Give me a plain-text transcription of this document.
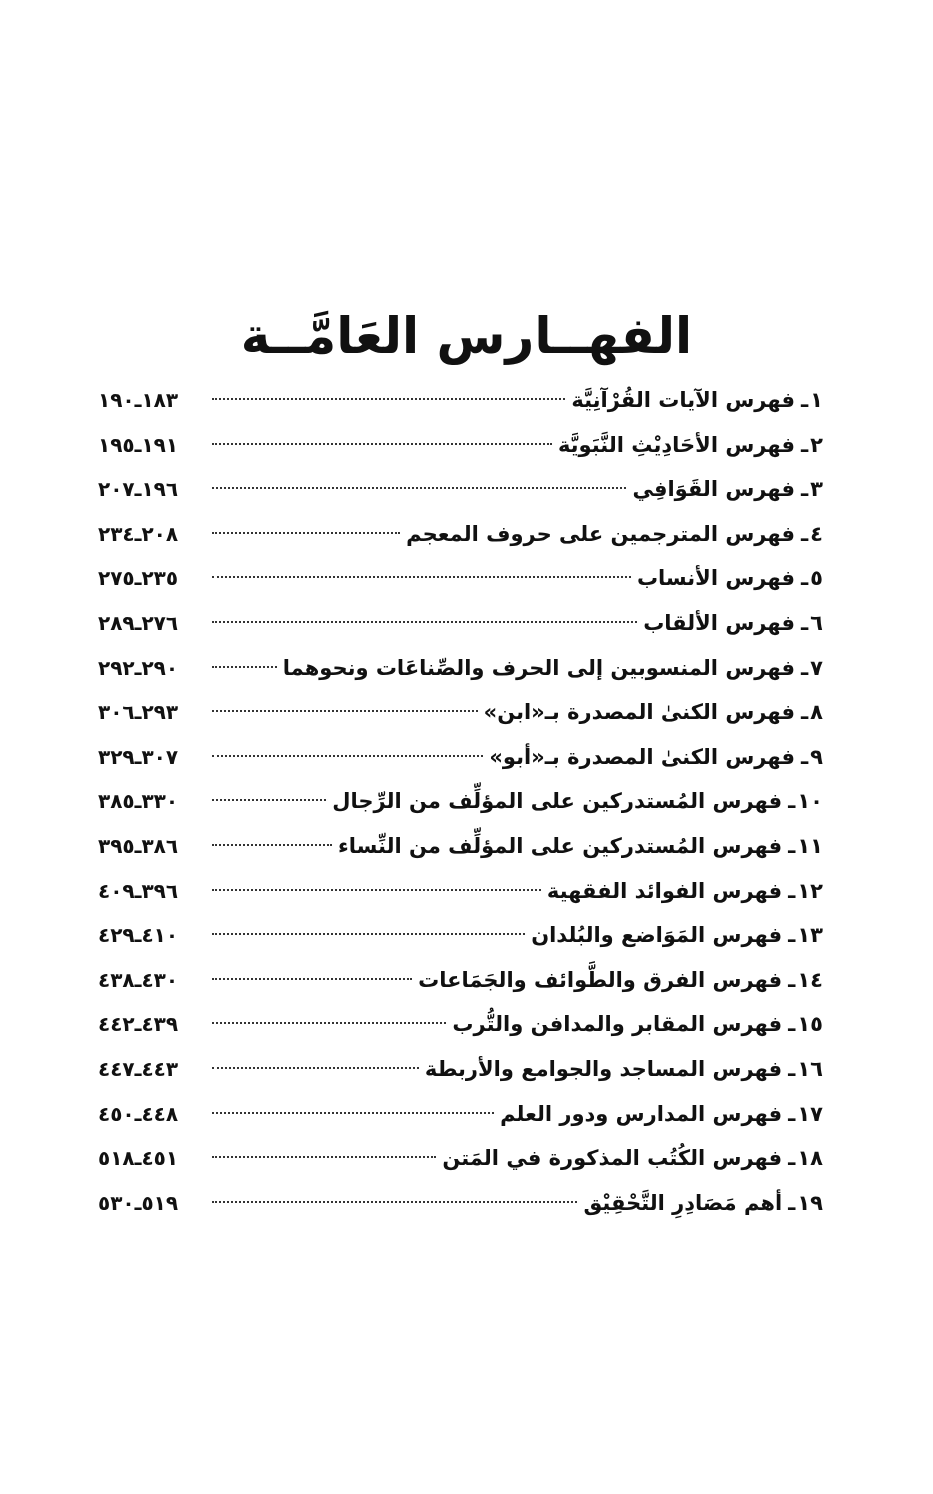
الفهــارس العَامَّــة
١
ـ
فهرس الآيات القُرْآنِيَّة
١٨٣ـ١٩٠
٢
ـ
فهرس الأحَادِيْثِ النَّبَويَّة
١٩١ـ١٩٥
٣
ـ
فهرس القَوَافِي
١٩٦ـ٢٠٧
٤
ـ
فهرس المترجمين على حروف المعجم
٢٠٨ـ٢٣٤
٥
ـ
فهرس الأنساب
٢٣٥ـ٢٧٥
٦
ـ
فهرس الألقاب
٢٧٦ـ٢٨٩
٧
ـ
فهرس المنسوبين إلى الحرف والصِّناعَات ونحوهما
٢٩٠ـ٢٩٢
٨
ـ
فهرس الكنىٰ المصدرة بـ«ابن»
٢٩٣ـ٣٠٦
٩
ـ
فهرس الكنىٰ المصدرة بـ«أبو»
٣٠٧ـ٣٢٩
١٠
ـ
فهرس المُستدركين على المؤلِّف من الرِّجال
٣٣٠ـ٣٨٥
١١
ـ
فهرس المُستدركين على المؤلِّف من النِّساء
٣٨٦ـ٣٩٥
١٢
ـ
فهرس الفوائد الفقهية
٣٩٦ـ٤٠٩
١٣
ـ
فهرس المَوَاضع والبُلدان
٤١٠ـ٤٢٩
١٤
ـ
فهرس الفرق والطَّوائف والجَمَاعات
٤٣٠ـ٤٣٨
١٥
ـ
فهرس المقابر والمدافن والتُّرب
٤٣٩ـ٤٤٢
١٦
ـ
فهرس المساجد والجوامع والأربطة
٤٤٣ـ٤٤٧
١٧
ـ
فهرس المدارس ودور العلم
٤٤٨ـ٤٥٠
١٨
ـ
فهرس الكُتُب المذكورة في المَتن
٤٥١ـ٥١٨
١٩
ـ
أهم مَصَادِرِ التَّحْقِيْق
٥١٩ـ٥٣٠
